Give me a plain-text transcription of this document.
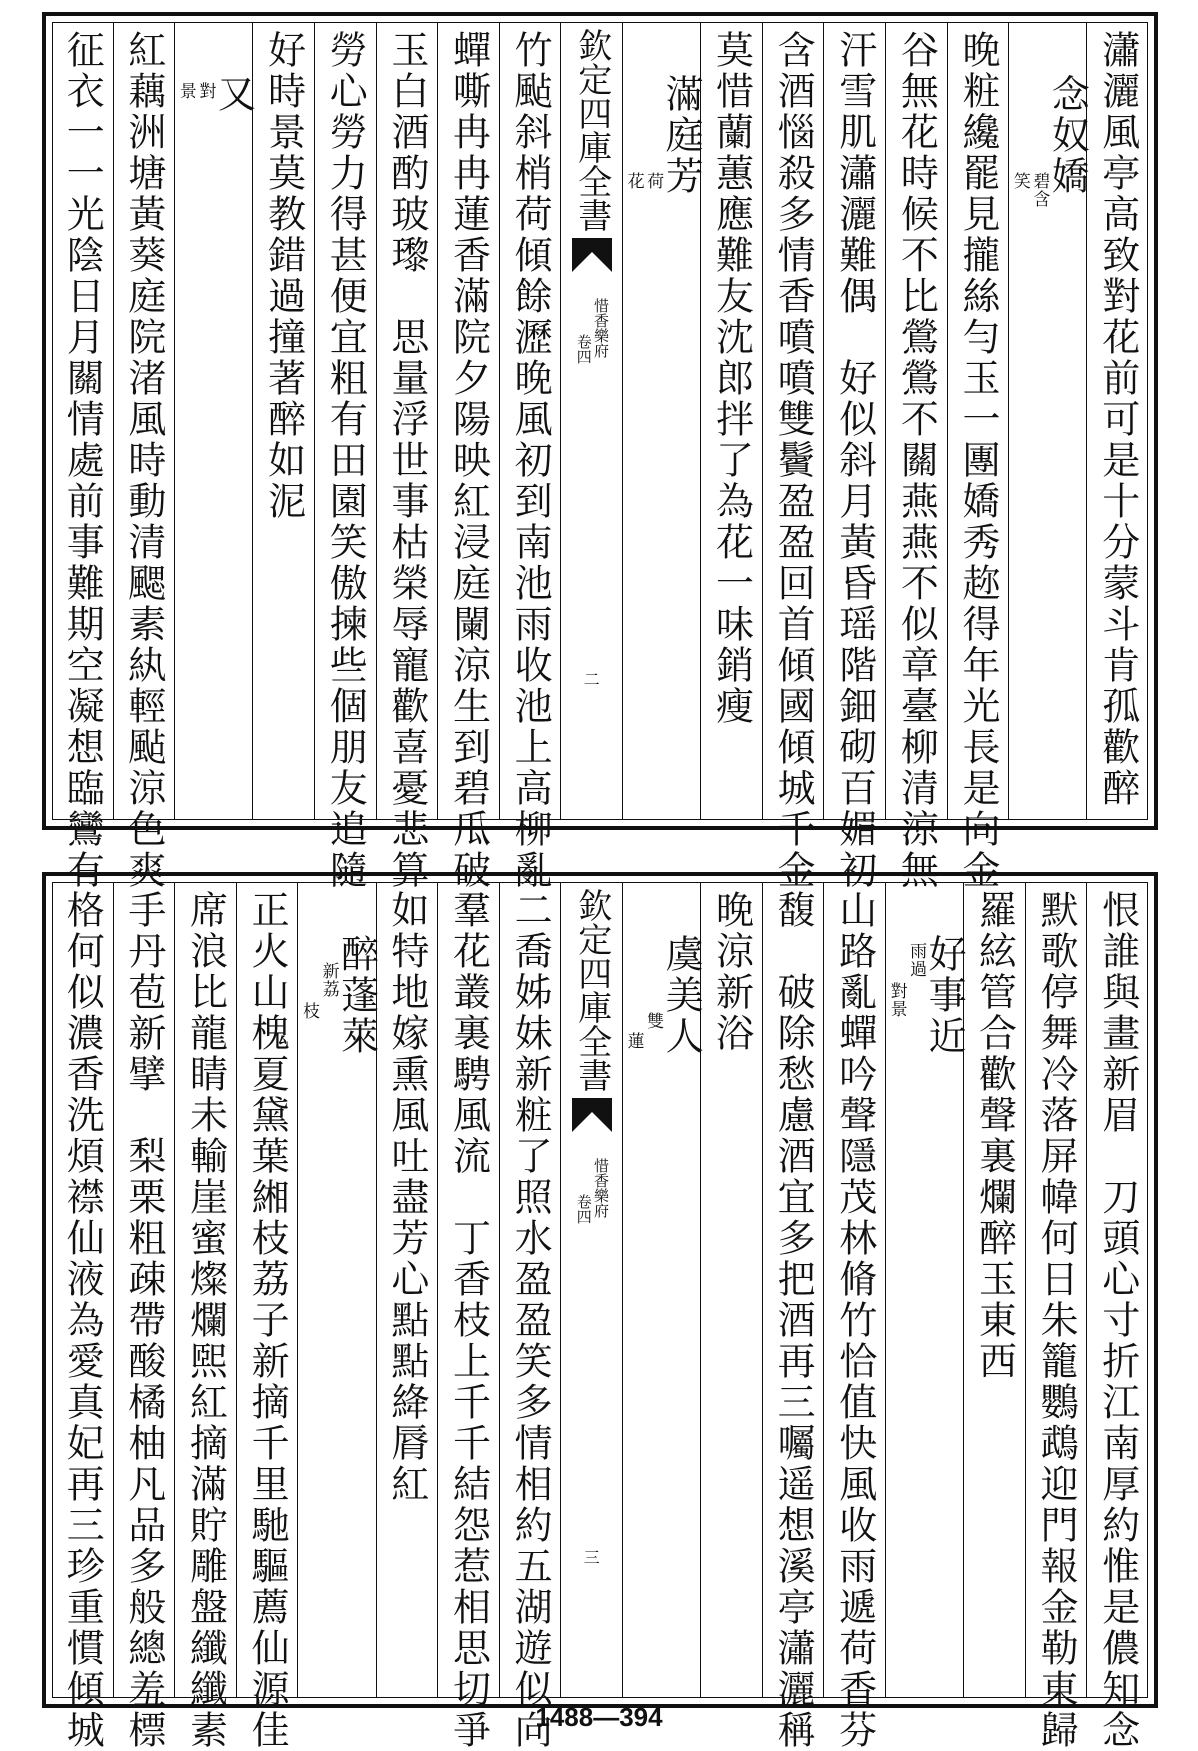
瀟灑風亭高致對花前可是十分蒙斗肯孤歡醉
念奴嬌
碧含
笑
晚粧纔罷見攏絲勻玉一團嬌秀趂得年光長是向金
谷無花時候不比鶯鶯不關燕燕不似章臺柳清涼無
汗雪肌瀟灑難偶　好似斜月黃昏瑶階鈿砌百媚初
含酒惱殺多情香噴噴雙鬢盈盈回首傾國傾城千金
莫惜蘭蕙應難友沈郎拌了為花一味銷瘦
滿庭芳
荷
花
欽定四庫全書
惜香樂府
卷四
二
竹颭斜梢荷傾餘瀝晚風初到南池雨收池上高柳亂
蟬嘶冉冉蓮香滿院夕陽映紅浸庭闌涼生到碧瓜破
玉白酒酌玻瓈　思量浮世事枯榮辱寵歡喜憂悲算
勞心勞力得甚便宜粗有田園笑傲揀些個朋友追隨
好時景莫教錯過撞著醉如泥
又
對
景
紅藕洲塘黃葵庭院渚風時動清颸素紈輕颭涼色爽
征衣一一光陰日月關情處前事難期空凝想臨鸞有
恨誰與畫新眉　刀頭心寸折江南厚約惟是儂知念
默歌停舞冷落屏幃何日朱籠鸚鵡迎門報金勒東歸
羅絃管合歡聲裏爛醉玉東西
好事近
雨過
對景
山路亂蟬吟聲隱茂林脩竹恰值快風收雨遞荷香芬
馥　破除愁慮酒宜多把酒再三囑遥想溪亭瀟灑稱
晚涼新浴
虞美人
雙
蓮
欽定四庫全書
惜香樂府
卷四
三
二喬姊妹新粧了照水盈盈笑多情相約五湖遊似向
羣花叢裏騁風流　丁香枝上千千結怨惹相思切爭
如特地嫁熏風吐盡芳心點點絳脣紅
醉蓬萊
新荔
枝
正火山槐夏黛葉緗枝荔子新摘千里馳驅薦仙源佳
席浪比龍睛未輸崖蜜燦爛煕紅摘滿貯雕盤纖纖素
手丹苞新擘　梨栗粗疎帶酸橘柚凡品多般總羞標
格何似濃香洗煩襟仙液為愛真妃再三珍重慣傾城	1488—394
